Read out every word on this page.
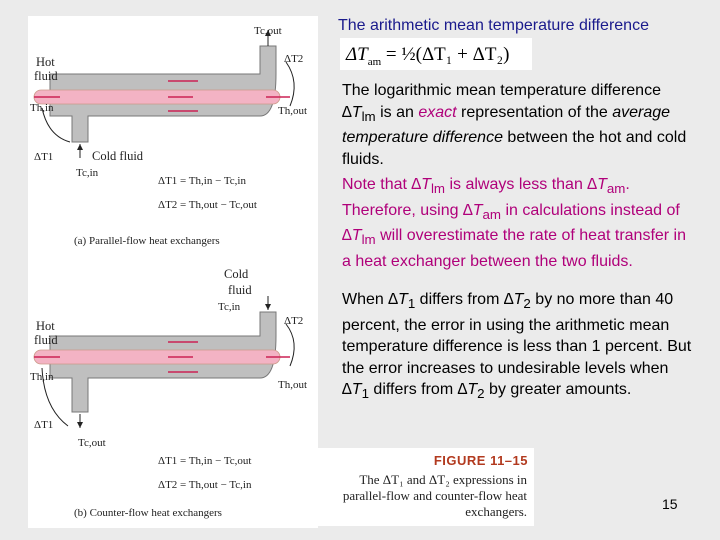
Hot
fluid
Tc,out
Th,in	Th,out
ΔT2
ΔT1	Cold fluid
Tc,in
ΔT1 = Th,in − Tc,in
ΔT2 = Th,out − Tc,out
(a) Parallel-flow heat exchangers
Cold
fluid
Tc,in
Hot
fluid
ΔT2
Th,in
Th,out
ΔT1
Tc,out
ΔT1 = Th,in − Tc,out
ΔT2 = Th,out − Tc,in
(b) Counter-flow heat exchangers
The arithmetic mean temperature difference
$\Delta T_{am}$ = ½(ΔT₁ + ΔT₂)
The logarithmic mean temperature difference $\Delta T_{lm}$ is an exact representation of the average temperature difference between the hot and cold fluids.
Note that $\Delta T_{lm}$ is always less than $\Delta T_{am}$. Therefore, using $\Delta T_{am}$ in calculations instead of $\Delta T_{lm}$ will overestimate the rate of heat transfer in a heat exchanger between the two fluids.
When $\Delta T_1$ differs from $\Delta T_2$ by no more than 40 percent, the error in using the arithmetic mean temperature difference is less than 1 percent. But the error increases to undesirable levels when $\Delta T_1$ differs from $\Delta T_2$ by greater amounts.
FIGURE 11–15
The ΔT₁ and ΔT₂ expressions in parallel-flow and counter-flow heat exchangers.	15
